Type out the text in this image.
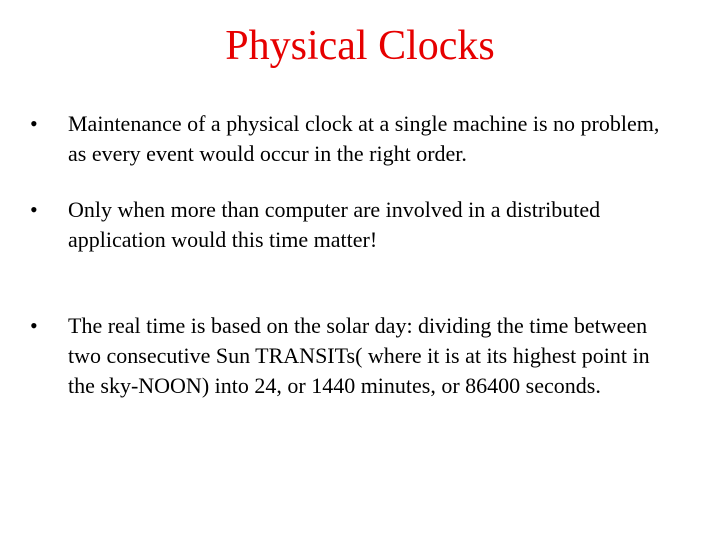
Physical Clocks
•	Maintenance of a physical clock at a single machine is no problem, as every event would occur in the right order.
•	Only when more than computer are involved in a distributed application would this time matter!
•	The real time is based on the solar day: dividing the time between two consecutive Sun TRANSITs( where it is at its highest point in the sky-NOON) into 24, or 1440 minutes, or 86400 seconds.
